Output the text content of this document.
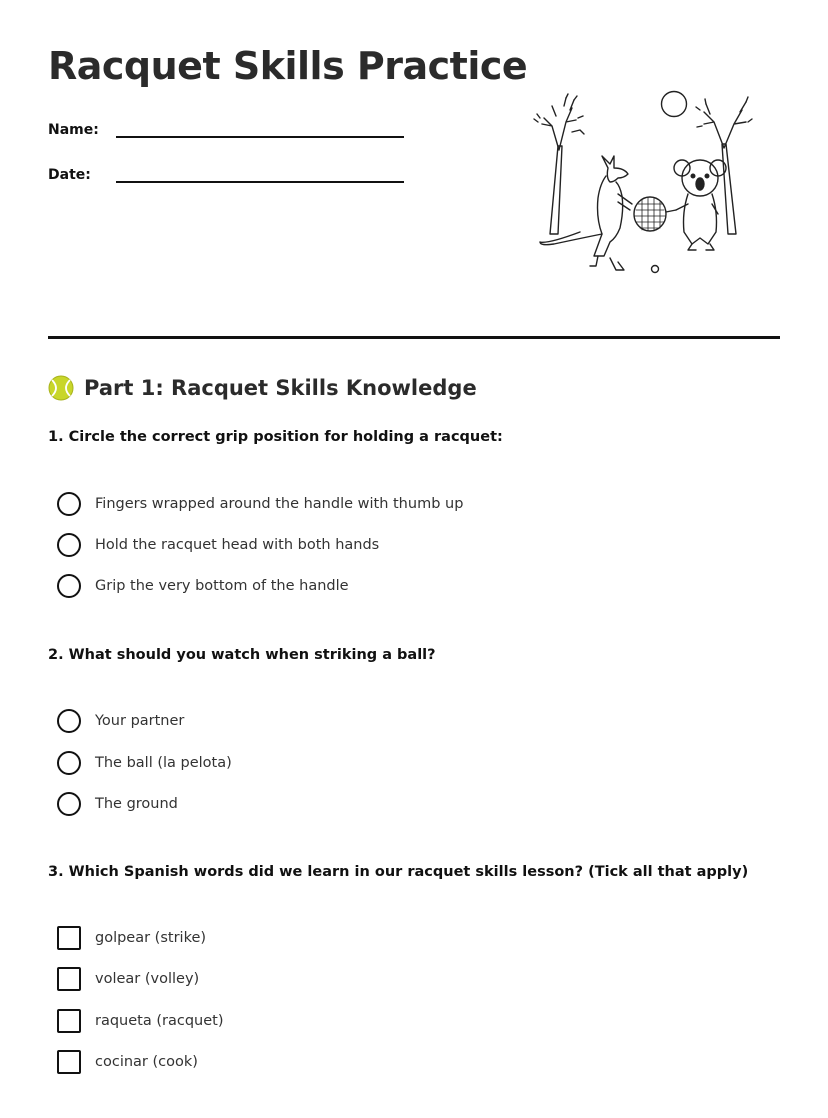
Racquet Skills Practice
Name:
Date:
Part 1: Racquet Skills Knowledge
1. Circle the correct grip position for holding a racquet:
Fingers wrapped around the handle with thumb up
Hold the racquet head with both hands
Grip the very bottom of the handle
2. What should you watch when striking a ball?
Your partner
The ball (la pelota)
The ground
3. Which Spanish words did we learn in our racquet skills lesson? (Tick all that apply)
golpear (strike)
volear (volley)
raqueta (racquet)
cocinar (cook)
